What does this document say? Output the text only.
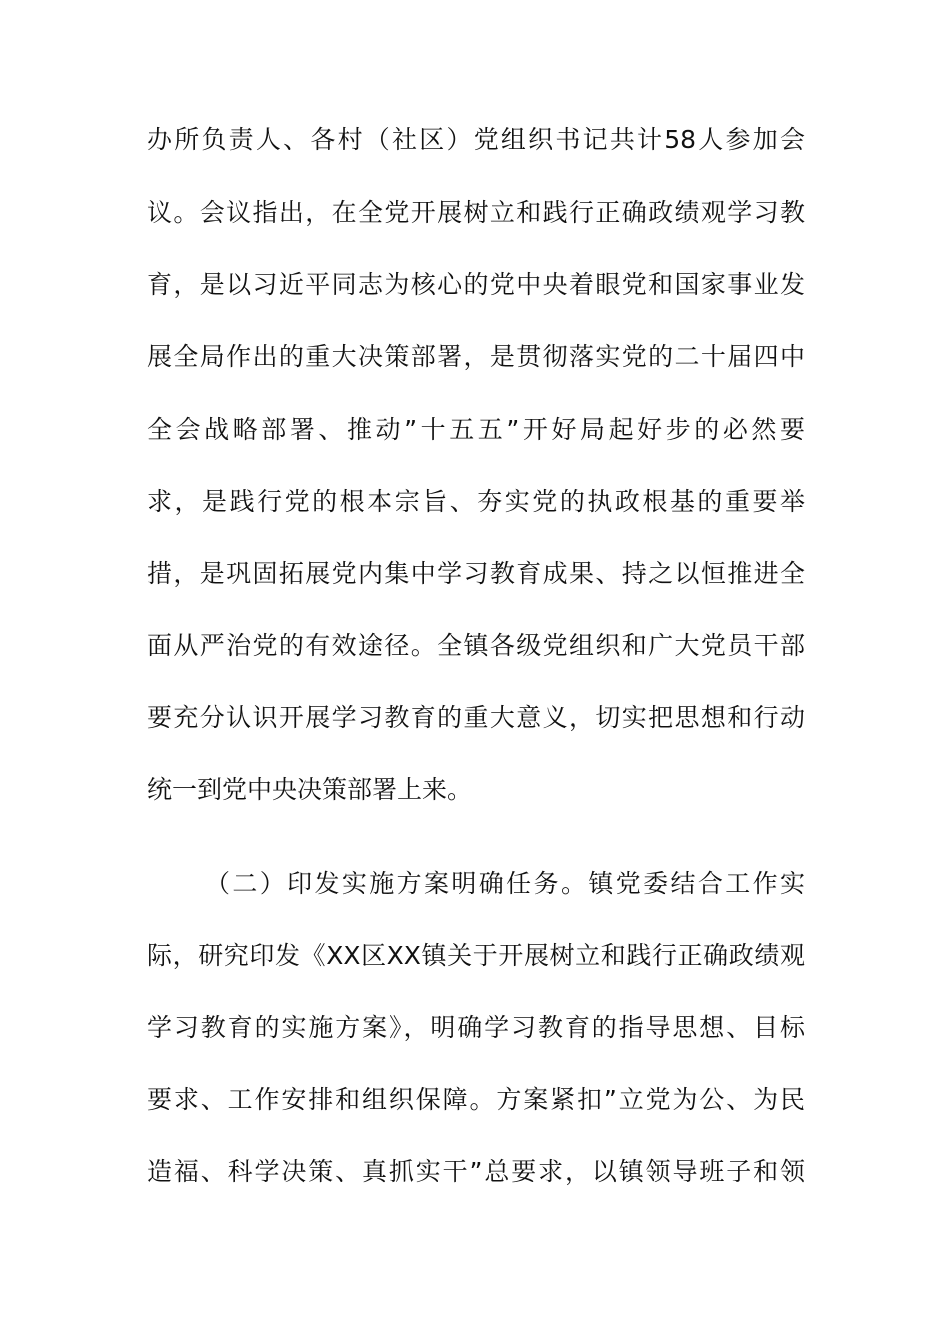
办所负责人、各村（社区）党组织书记共计58人参加会
议。会议指出，在全党开展树立和践行正确政绩观学习教
育，是以习近平同志为核心的党中央着眼党和国家事业发
展全局作出的重大决策部署，是贯彻落实党的二十届四中
全会战略部署、推动”十五五”开好局起好步的必然要
求，是践行党的根本宗旨、夯实党的执政根基的重要举
措，是巩固拓展党内集中学习教育成果、持之以恒推进全
面从严治党的有效途径。全镇各级党组织和广大党员干部
要充分认识开展学习教育的重大意义，切实把思想和行动
统一到党中央决策部署上来。
（二）印发实施方案明确任务。镇党委结合工作实
际，研究印发《XX区XX镇关于开展树立和践行正确政绩观
学习教育的实施方案》，明确学习教育的指导思想、目标
要求、工作安排和组织保障。方案紧扣”立党为公、为民
造福、科学决策、真抓实干”总要求，以镇领导班子和领
